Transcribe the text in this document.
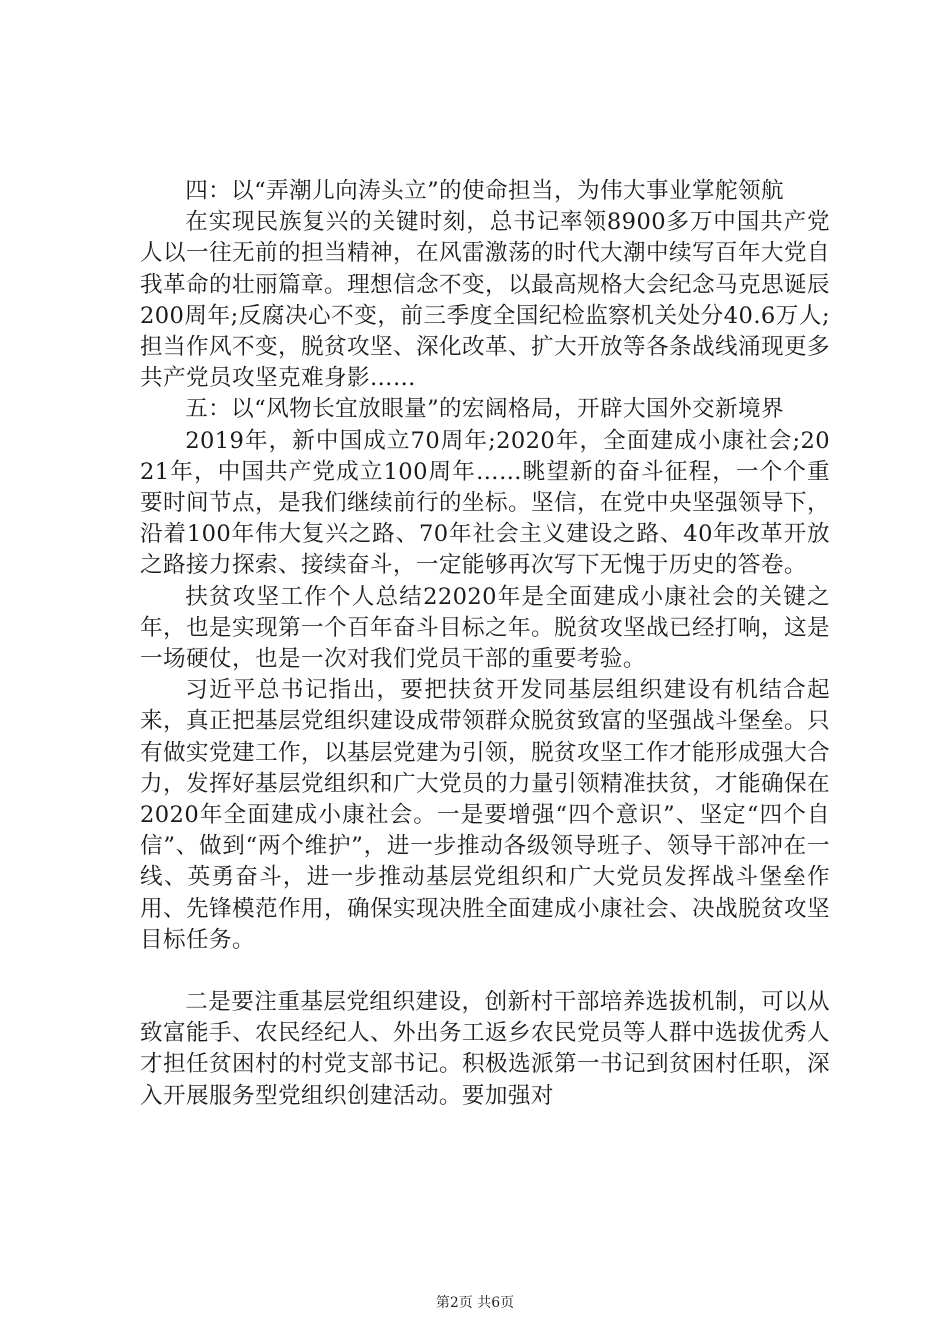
四：以“弄潮儿向涛头立”的使命担当，为伟大事业掌舵领航

在实现民族复兴的关键时刻，总书记率领8900多万中国共产党人以一往无前的担当精神，在风雷激荡的时代大潮中续写百年大党自我革命的壮丽篇章。理想信念不变，以最高规格大会纪念马克思诞辰200周年;反腐决心不变，前三季度全国纪检监察机关处分40.6万人;担当作风不变，脱贫攻坚、深化改革、扩大开放等各条战线涌现更多共产党员攻坚克难身影……

五：以“风物长宜放眼量”的宏阔格局，开辟大国外交新境界

2019年，新中国成立70周年;2020年，全面建成小康社会;2021年，中国共产党成立100周年……眺望新的奋斗征程，一个个重要时间节点，是我们继续前行的坐标。坚信，在党中央坚强领导下，沿着100年伟大复兴之路、70年社会主义建设之路、40年改革开放之路接力探索、接续奋斗，一定能够再次写下无愧于历史的答卷。

扶贫攻坚工作个人总结22020年是全面建成小康社会的关键之年，也是实现第一个百年奋斗目标之年。脱贫攻坚战已经打响，这是一场硬仗，也是一次对我们党员干部的重要考验。

习近平总书记指出，要把扶贫开发同基层组织建设有机结合起来，真正把基层党组织建设成带领群众脱贫致富的坚强战斗堡垒。只有做实党建工作，以基层党建为引领，脱贫攻坚工作才能形成强大合力，发挥好基层党组织和广大党员的力量引领精准扶贫，才能确保在2020年全面建成小康社会。一是要增强“四个意识”、坚定“四个自信”、做到“两个维护”，进一步推动各级领导班子、领导干部冲在一线、英勇奋斗，进一步推动基层党组织和广大党员发挥战斗堡垒作用、先锋模范作用，确保实现决胜全面建成小康社会、决战脱贫攻坚目标任务。

二是要注重基层党组织建设，创新村干部培养选拔机制，可以从致富能手、农民经纪人、外出务工返乡农民党员等人群中选拔优秀人才担任贫困村的村党支部书记。积极选派第一书记到贫困村任职，深入开展服务型党组织创建活动。要加强对

第2页 共6页
